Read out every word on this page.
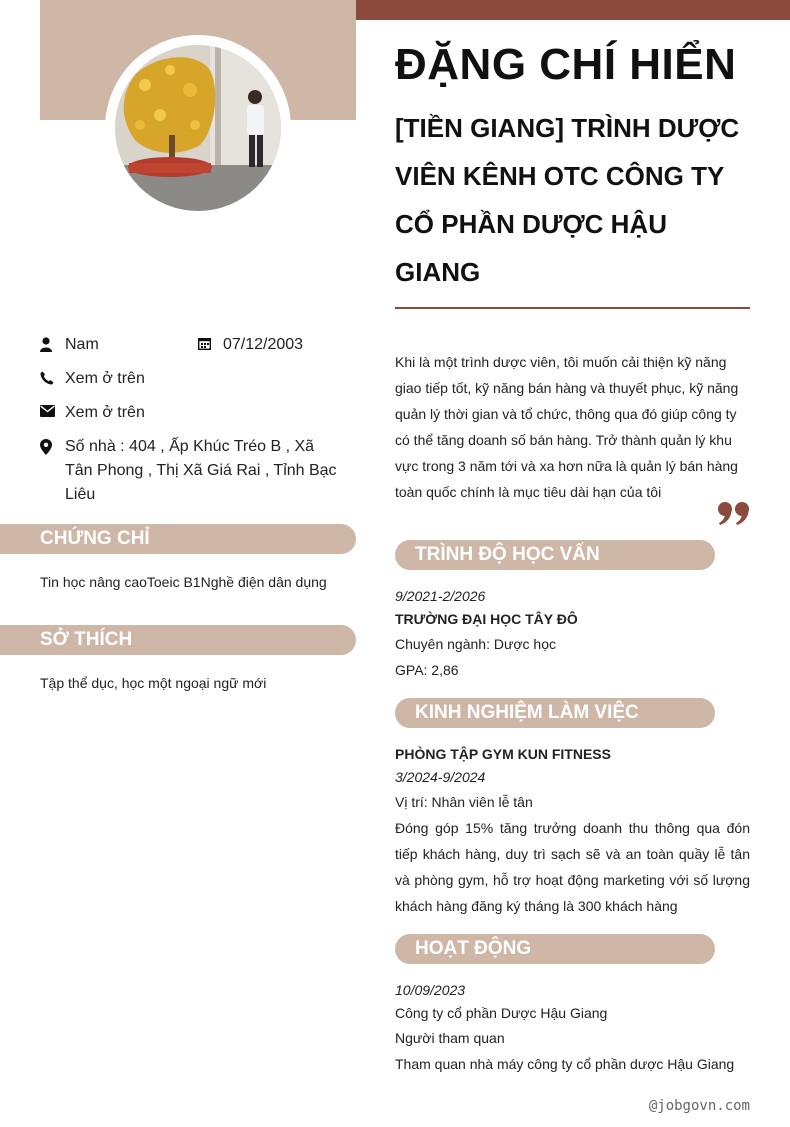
ĐẶNG CHÍ HIỂN
[TIỀN GIANG] TRÌNH DƯỢC VIÊN KÊNH OTC CÔNG TY CỔ PHẦN DƯỢC HẬU GIANG
Nam	07/12/2003
Xem ở trên
Xem ở trên
Số nhà : 404 , Ấp Khúc Tréo B , Xã Tân Phong , Thị Xã Giá Rai , Tỉnh Bạc Liêu
CHỨNG CHỈ
Tin học nâng caoToeic B1Nghề điện dân dụng
SỞ THÍCH
Tập thể dục, học một ngoại ngữ mới
Khi là một trình dược viên, tôi muốn cải thiện kỹ năng giao tiếp tốt, kỹ năng bán hàng và thuyết phục, kỹ năng quản lý thời gian và tổ chức, thông qua đó giúp công ty có thể tăng doanh số bán hàng. Trở thành quản lý khu vực trong 3 năm tới và xa hơn nữa là quản lý bán hàng toàn quốc chính là mục tiêu dài hạn của tôi
TRÌNH ĐỘ HỌC VẤN
9/2021-2/2026
TRƯỜNG ĐẠI HỌC TÂY ĐÔ
Chuyên ngành: Dược học
GPA: 2,86
KINH NGHIỆM LÀM VIỆC
PHÒNG TẬP GYM KUN FITNESS
3/2024-9/2024
Vị trí: Nhân viên lễ tân
Đóng góp 15% tăng trưởng doanh thu thông qua đón tiếp khách hàng, duy trì sạch sẽ và an toàn quầy lễ tân và phòng gym, hỗ trợ hoạt động marketing với số lượng khách hàng đăng ký tháng là 300 khách hàng
HOẠT ĐỘNG
10/09/2023
Công ty cổ phần Dược Hậu Giang
Người tham quan
Tham quan nhà máy công ty cổ phần dược Hậu Giang
@jobgovn.com
